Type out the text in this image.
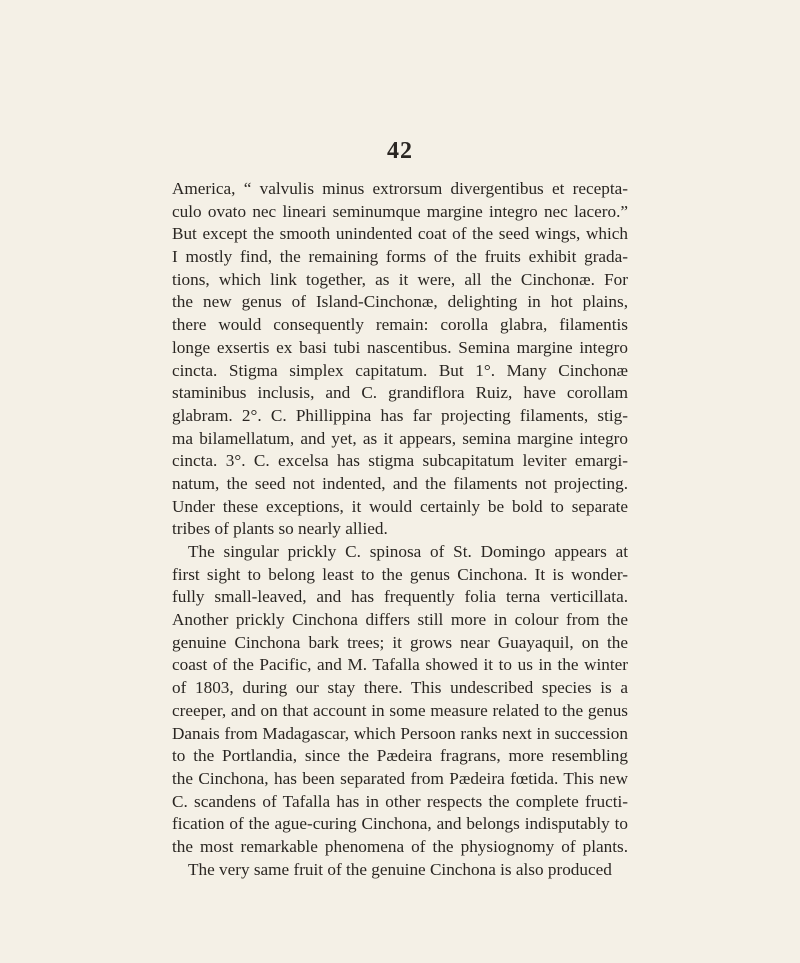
42
America, “ valvulis minus extrorsum divergentibus et recepta-
culo ovato nec lineari seminumque margine integro nec lacero.”
But except the smooth unindented coat of the seed wings, which
I mostly find, the remaining forms of the fruits exhibit grada-
tions, which link together, as it were, all the Cinchonæ. For
the new genus of Island-Cinchonæ, delighting in hot plains,
there would consequently remain: corolla glabra, filamentis
longe exsertis ex basi tubi nascentibus. Semina margine integro
cincta. Stigma simplex capitatum. But 1°. Many Cinchonæ
staminibus inclusis, and C. grandiflora Ruiz, have corollam
glabram. 2°. C. Phillippina has far projecting filaments, stig-
ma bilamellatum, and yet, as it appears, semina margine integro
cincta. 3°. C. excelsa has stigma subcapitatum leviter emargi-
natum, the seed not indented, and the filaments not projecting.
Under these exceptions, it would certainly be bold to separate
tribes of plants so nearly allied.
The singular prickly C. spinosa of St. Domingo appears at
first sight to belong least to the genus Cinchona. It is wonder-
fully small-leaved, and has frequently folia terna verticillata.
Another prickly Cinchona differs still more in colour from the
genuine Cinchona bark trees; it grows near Guayaquil, on the
coast of the Pacific, and M. Tafalla showed it to us in the winter
of 1803, during our stay there. This undescribed species is a
creeper, and on that account in some measure related to the genus
Danais from Madagascar, which Persoon ranks next in succession
to the Portlandia, since the Pædeira fragrans, more resembling
the Cinchona, has been separated from Pædeira fœtida. This new
C. scandens of Tafalla has in other respects the complete fructi-
fication of the ague-curing Cinchona, and belongs indisputably to
the most remarkable phenomena of the physiognomy of plants.
The very same fruit of the genuine Cinchona is also produced
